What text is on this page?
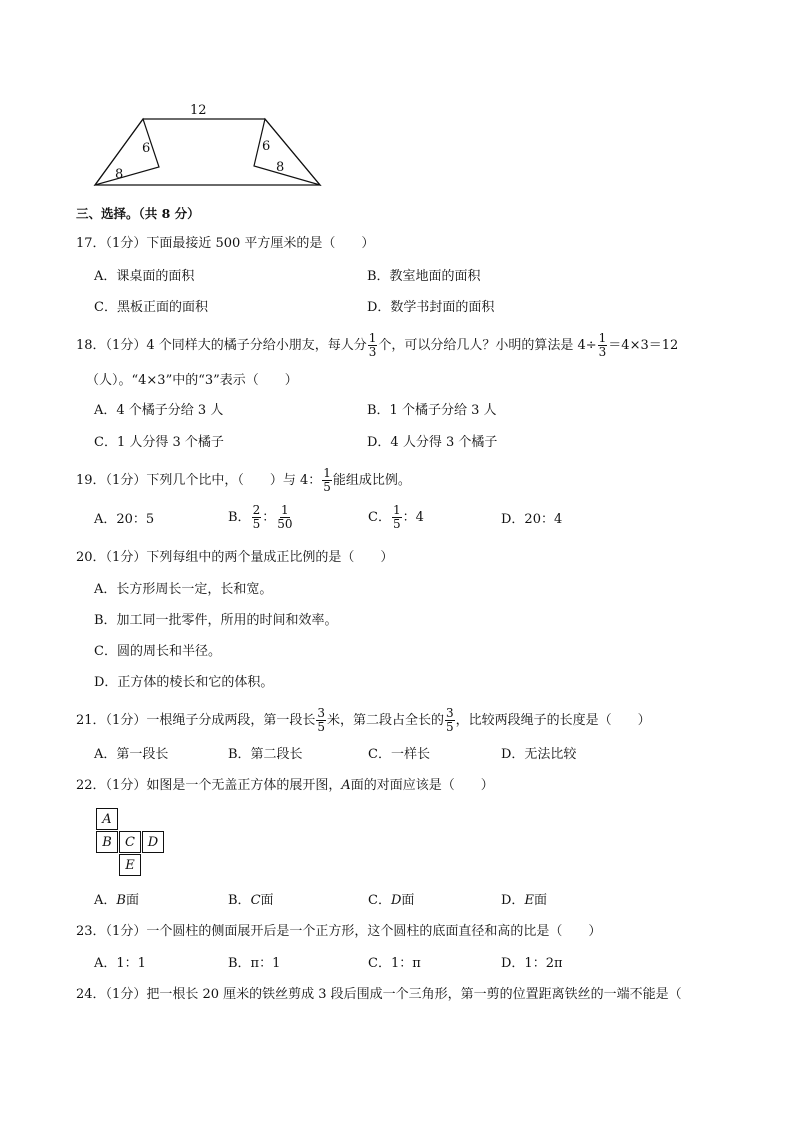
12
6
8
6
8
三、选择。（共 8 分）
17．（1分）下面最接近 500 平方厘米的是（　　）
A．课桌面的面积	B．教室地面的面积
C．黑板正面的面积	D．数学书封面的面积
18．（1分）4 个同样大的橘子分给小朋友，每人分 $\frac{1}{3}$ 个，可以分给几人？小明的算法是 $4\div \frac{1}{3} =4\times 3=12$
（人）。“4×3”中的“3”表示（　　）
A．4 个橘子分给 3 人	B．1 个橘子分给 3 人
C．1 人分得 3 个橘子	D．4 人分得 3 个橘子
19．（1分）下列几个比中，（　　）与 4： $\frac{1}{5}$ 能组成比例。
A．20：5	B． $\frac{2}{5}$ ： $\frac{1}{50}$	C． $\frac{1}{5}$ ：4	D．20：4
20．（1分）下列每组中的两个量成正比例的是（　　）
A．长方形周长一定，长和宽。
B．加工同一批零件，所用的时间和效率。
C．圆的周长和半径。
D．正方体的棱长和它的体积。
21．（1分）一根绳子分成两段，第一段长 $\frac{3}{5}$ 米，第二段占全长的 $\frac{3}{5}$ ，比较两段绳子的长度是（　　）
A．第一段长	B．第二段长	C．一样长	D．无法比较
22．（1分）如图是一个无盖正方体的展开图，A面的对面应该是（　　）
A
B	C D
E
A．B面	B．C面	C．D面	D．E面
23．（1分）一个圆柱的侧面展开后是一个正方形，这个圆柱的底面直径和高的比是（　　）
A．1：1	B．π：1	C．1：π	D．1：2π
24．（1分）把一根长 20 厘米的铁丝剪成 3 段后围成一个三角形，第一剪的位置距离铁丝的一端不能是（
